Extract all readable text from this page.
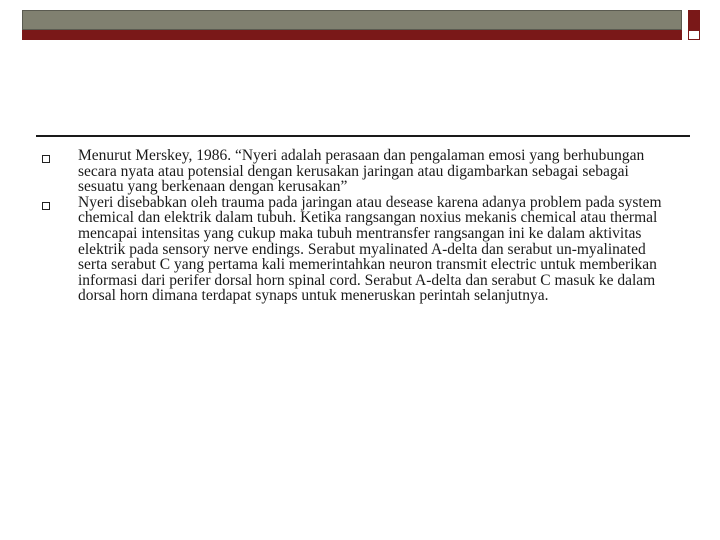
Menurut Merskey, 1986. “Nyeri adalah perasaan dan pengalaman emosi yang berhubungan secara nyata atau potensial dengan kerusakan jaringan atau digambarkan sebagai sebagai sesuatu yang berkenaan dengan kerusakan”

Nyeri disebabkan oleh trauma pada jaringan atau desease karena adanya problem pada system chemical dan elektrik dalam tubuh. Ketika rangsangan noxius mekanis chemical atau thermal mencapai intensitas yang cukup maka tubuh mentransfer rangsangan ini ke dalam aktivitas elektrik pada sensory nerve endings. Serabut myalinated A-delta dan serabut un-myalinated serta serabut C yang pertama kali memerintahkan neuron transmit electric untuk memberikan informasi dari perifer dorsal horn spinal cord. Serabut A-delta dan serabut C masuk ke dalam dorsal horn dimana terdapat synaps untuk meneruskan perintah selanjutnya.
